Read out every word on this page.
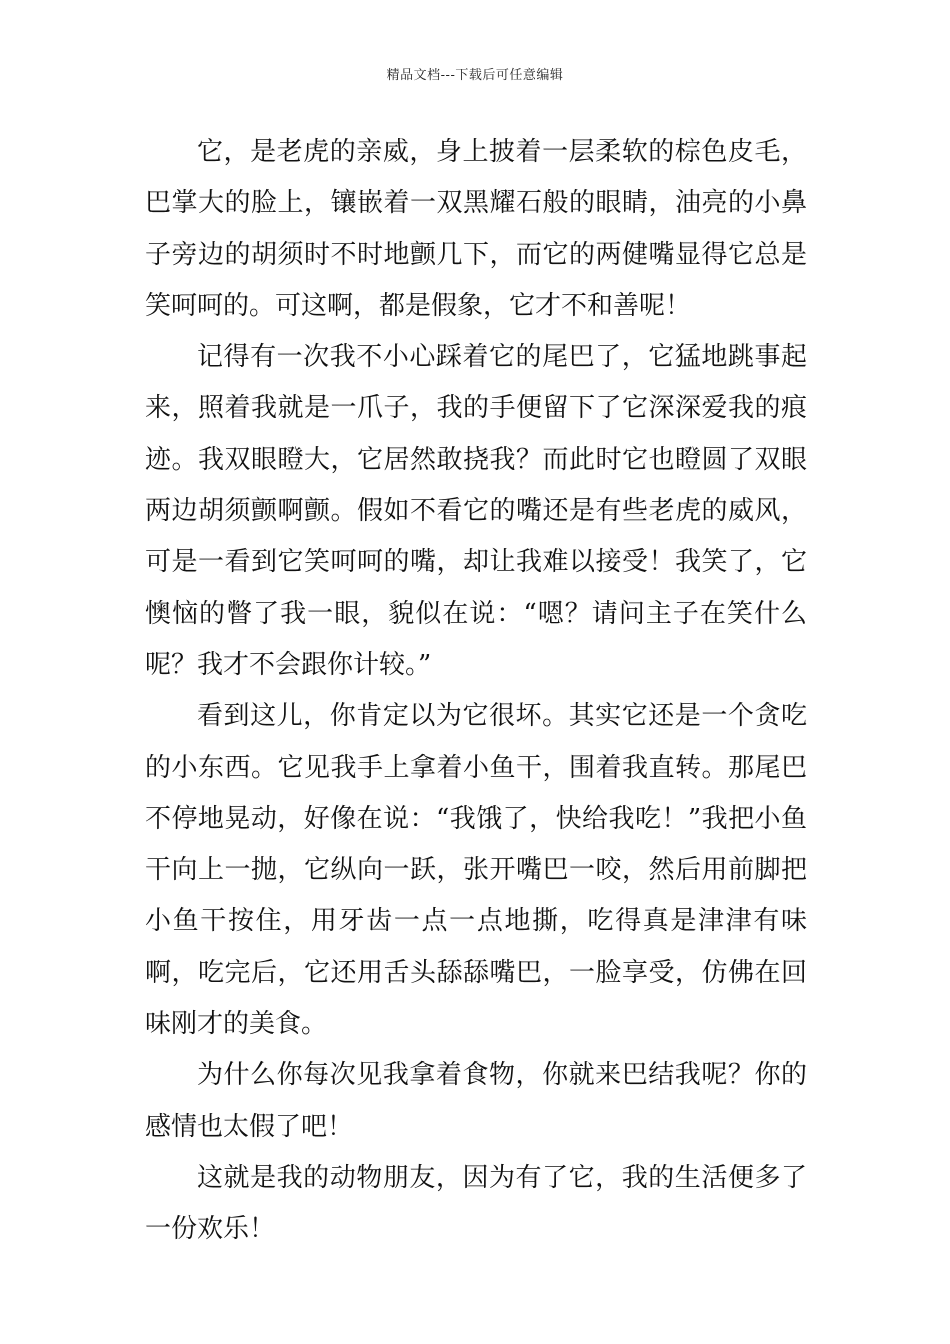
精品文档---下载后可任意编辑

它，是老虎的亲威，身上披着一层柔软的棕色皮毛，巴掌大的脸上，镶嵌着一双黑耀石般的眼睛，油亮的小鼻子旁边的胡须时不时地颤几下，而它的两健嘴显得它总是笑呵呵的。可这啊，都是假象，它才不和善呢！

记得有一次我不小心踩着它的尾巴了，它猛地跳事起来，照着我就是一爪子，我的手便留下了它深深爱我的痕迹。我双眼瞪大，它居然敢挠我？而此时它也瞪圆了双眼两边胡须颤啊颤。假如不看它的嘴还是有些老虎的威风，可是一看到它笑呵呵的嘴，却让我难以接受！我笑了，它懊恼的瞥了我一眼，貌似在说：“嗯？请问主子在笑什么呢？我才不会跟你计较。”

看到这儿，你肯定以为它很坏。其实它还是一个贪吃的小东西。它见我手上拿着小鱼干，围着我直转。那尾巴不停地晃动，好像在说：“我饿了，快给我吃！”我把小鱼干向上一抛，它纵向一跃，张开嘴巴一咬，然后用前脚把小鱼干按住，用牙齿一点一点地撕，吃得真是津津有味啊，吃完后，它还用舌头舔舔嘴巴，一脸享受，仿佛在回味刚才的美食。

为什么你每次见我拿着食物，你就来巴结我呢？你的感情也太假了吧！

这就是我的动物朋友，因为有了它，我的生活便多了一份欢乐！
